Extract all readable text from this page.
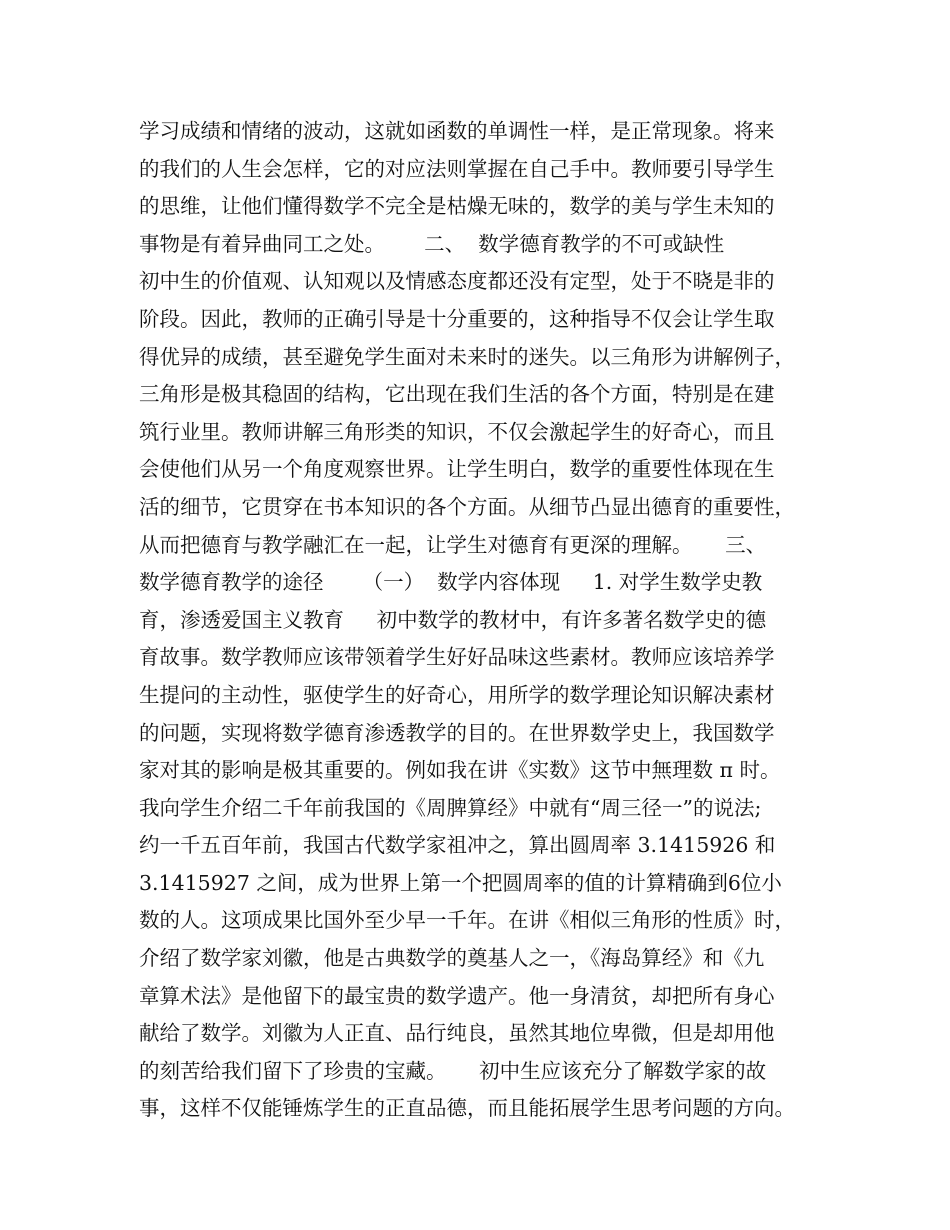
学习成绩和情绪的波动，这就如函数的单调性一样，是正常现象。将来
的我们的人生会怎样，它的对应法则掌握在自己手中。教师要引导学生
的思维，让他们懂得数学不完全是枯燥无味的，数学的美与学生未知的
事物是有着异曲同工之处。      二、  数学德育教学的不可或缺性
初中生的价值观、认知观以及情感态度都还没有定型，处于不晓是非的
阶段。因此，教师的正确引导是十分重要的，这种指导不仅会让学生取
得优异的成绩，甚至避免学生面对未来时的迷失。以三角形为讲解例子，
三角形是极其稳固的结构，它出现在我们生活的各个方面，特别是在建
筑行业里。教师讲解三角形类的知识，不仅会激起学生的好奇心，而且
会使他们从另一个角度观察世界。让学生明白，数学的重要性体现在生
活的细节，它贯穿在书本知识的各个方面。从细节凸显出德育的重要性，
从而把德育与教学融汇在一起，让学生对德育有更深的理解。     三、
数学德育教学的途径      （一）  数学内容体现     1. 对学生数学史教
育，渗透爱国主义教育     初中数学的教材中，有许多著名数学史的德
育故事。数学教师应该带领着学生好好品味这些素材。教师应该培养学
生提问的主动性，驱使学生的好奇心，用所学的数学理论知识解决素材
的问题，实现将数学德育渗透教学的目的。在世界数学史上，我国数学
家对其的影响是极其重要的。例如我在讲《实数》这节中無理数 π 时。
我向学生介绍二千年前我国的《周脾算经》中就有“周三径一”的说法;
约一千五百年前，我国古代数学家祖冲之，算出圆周率 3.1415926 和
3.1415927 之间，成为世界上第一个把圆周率的值的计算精确到6位小
数的人。这项成果比国外至少早一千年。在讲《相似三角形的性质》时，
介绍了数学家刘徽，他是古典数学的奠基人之一，《海岛算经》和《九
章算术法》是他留下的最宝贵的数学遗产。他一身清贫，却把所有身心
献给了数学。刘徽为人正直、品行纯良，虽然其地位卑微，但是却用他
的刻苦给我们留下了珍贵的宝藏。     初中生应该充分了解数学家的故
事，这样不仅能锤炼学生的正直品德，而且能拓展学生思考问题的方向。
